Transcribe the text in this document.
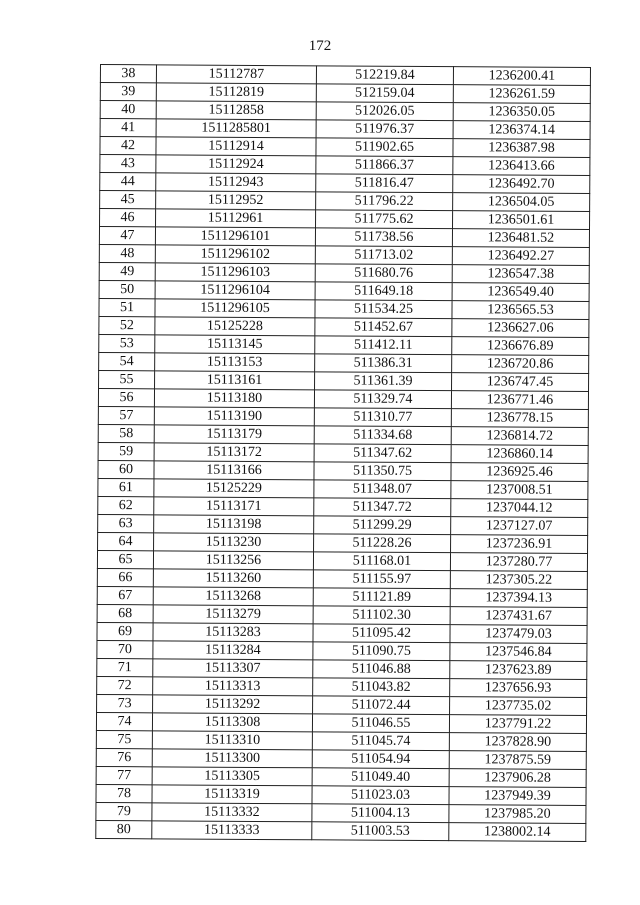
172
38	15112787	512219.84	1236200.41
39	15112819	512159.04	1236261.59
40	15112858	512026.05	1236350.05
41	1511285801	511976.37	1236374.14
42	15112914	511902.65	1236387.98
43	15112924	511866.37	1236413.66
44	15112943	511816.47	1236492.70
45	15112952	511796.22	1236504.05
46	15112961	511775.62	1236501.61
47	1511296101	511738.56	1236481.52
48	1511296102	511713.02	1236492.27
49	1511296103	511680.76	1236547.38
50	1511296104	511649.18	1236549.40
51	1511296105	511534.25	1236565.53
52	15125228	511452.67	1236627.06
53	15113145	511412.11	1236676.89
54	15113153	511386.31	1236720.86
55	15113161	511361.39	1236747.45
56	15113180	511329.74	1236771.46
57	15113190	511310.77	1236778.15
58	15113179	511334.68	1236814.72
59	15113172	511347.62	1236860.14
60	15113166	511350.75	1236925.46
61	15125229	511348.07	1237008.51
62	15113171	511347.72	1237044.12
63	15113198	511299.29	1237127.07
64	15113230	511228.26	1237236.91
65	15113256	511168.01	1237280.77
66	15113260	511155.97	1237305.22
67	15113268	511121.89	1237394.13
68	15113279	511102.30	1237431.67
69	15113283	511095.42	1237479.03
70	15113284	511090.75	1237546.84
71	15113307	511046.88	1237623.89
72	15113313	511043.82	1237656.93
73	15113292	511072.44	1237735.02
74	15113308	511046.55	1237791.22
75	15113310	511045.74	1237828.90
76	15113300	511054.94	1237875.59
77	15113305	511049.40	1237906.28
78	15113319	511023.03	1237949.39
79	15113332	511004.13	1237985.20
80	15113333	511003.53	1238002.14
